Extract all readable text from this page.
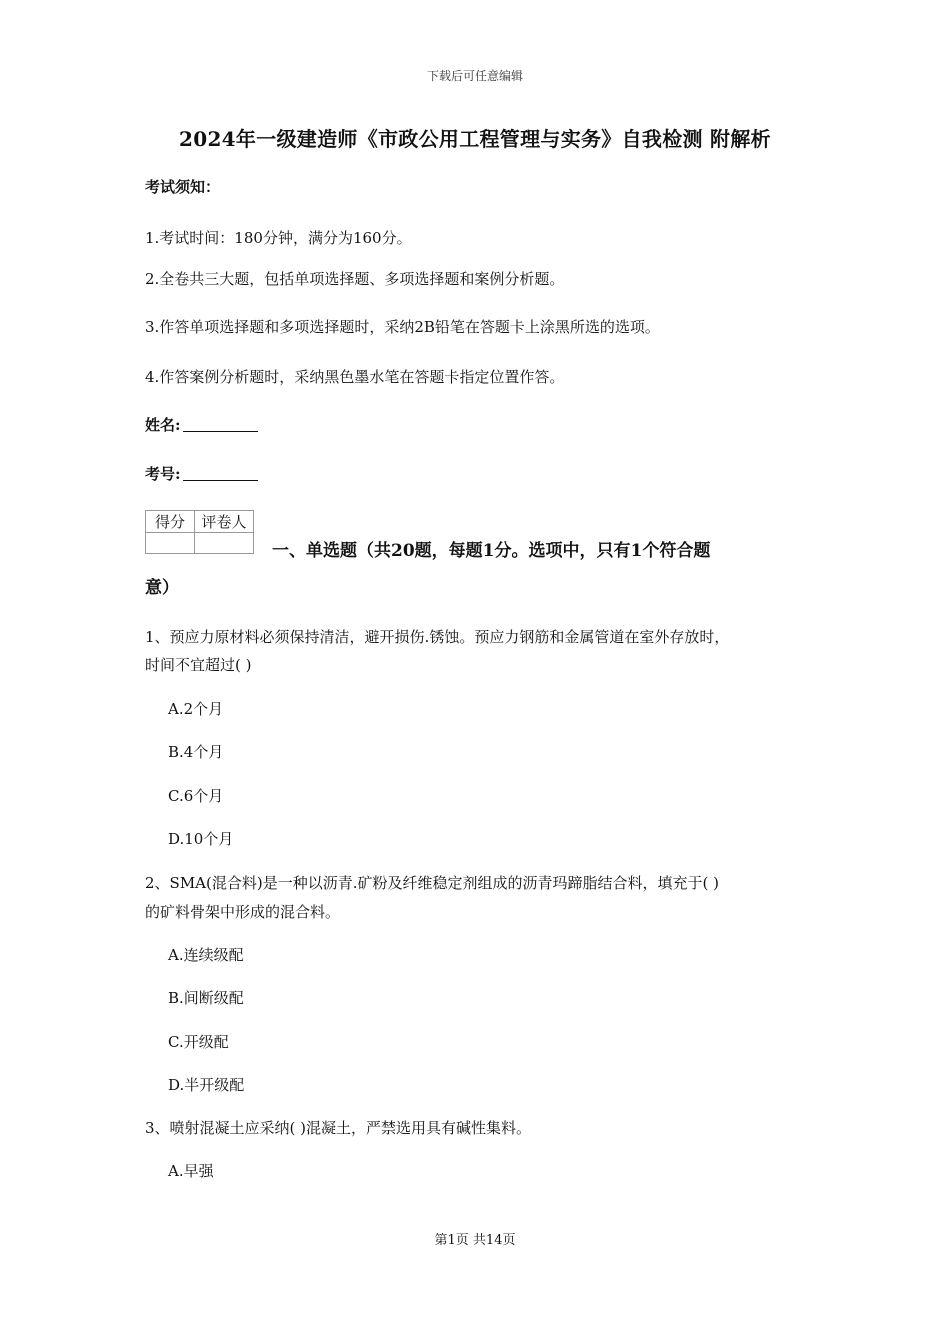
下载后可任意编辑
2024年一级建造师《市政公用工程管理与实务》自我检测 附解析
考试须知：
1.考试时间：180分钟，满分为160分。
2.全卷共三大题，包括单项选择题、多项选择题和案例分析题。
3.作答单项选择题和多项选择题时，采纳2B铅笔在答题卡上涂黑所选的选项。
4.作答案例分析题时，采纳黑色墨水笔在答题卡指定位置作答。
姓名:
考号:
得分	评卷人

一、单选题（共20题，每题1分。选项中，只有1个符合题
意）
1、预应力原材料必须保持清洁，避开损伤.锈蚀。预应力钢筋和金属管道在室外存放时，
时间不宜超过( )
A.2个月
B.4个月
C.6个月
D.10个月
2、SMA(混合料)是一种以沥青.矿粉及纤维稳定剂组成的沥青玛蹄脂结合料，填充于( )
的矿料骨架中形成的混合料。
A.连续级配
B.间断级配
C.开级配
D.半开级配
3、喷射混凝土应采纳( )混凝土，严禁选用具有碱性集料。
A.早强
第1页 共14页
